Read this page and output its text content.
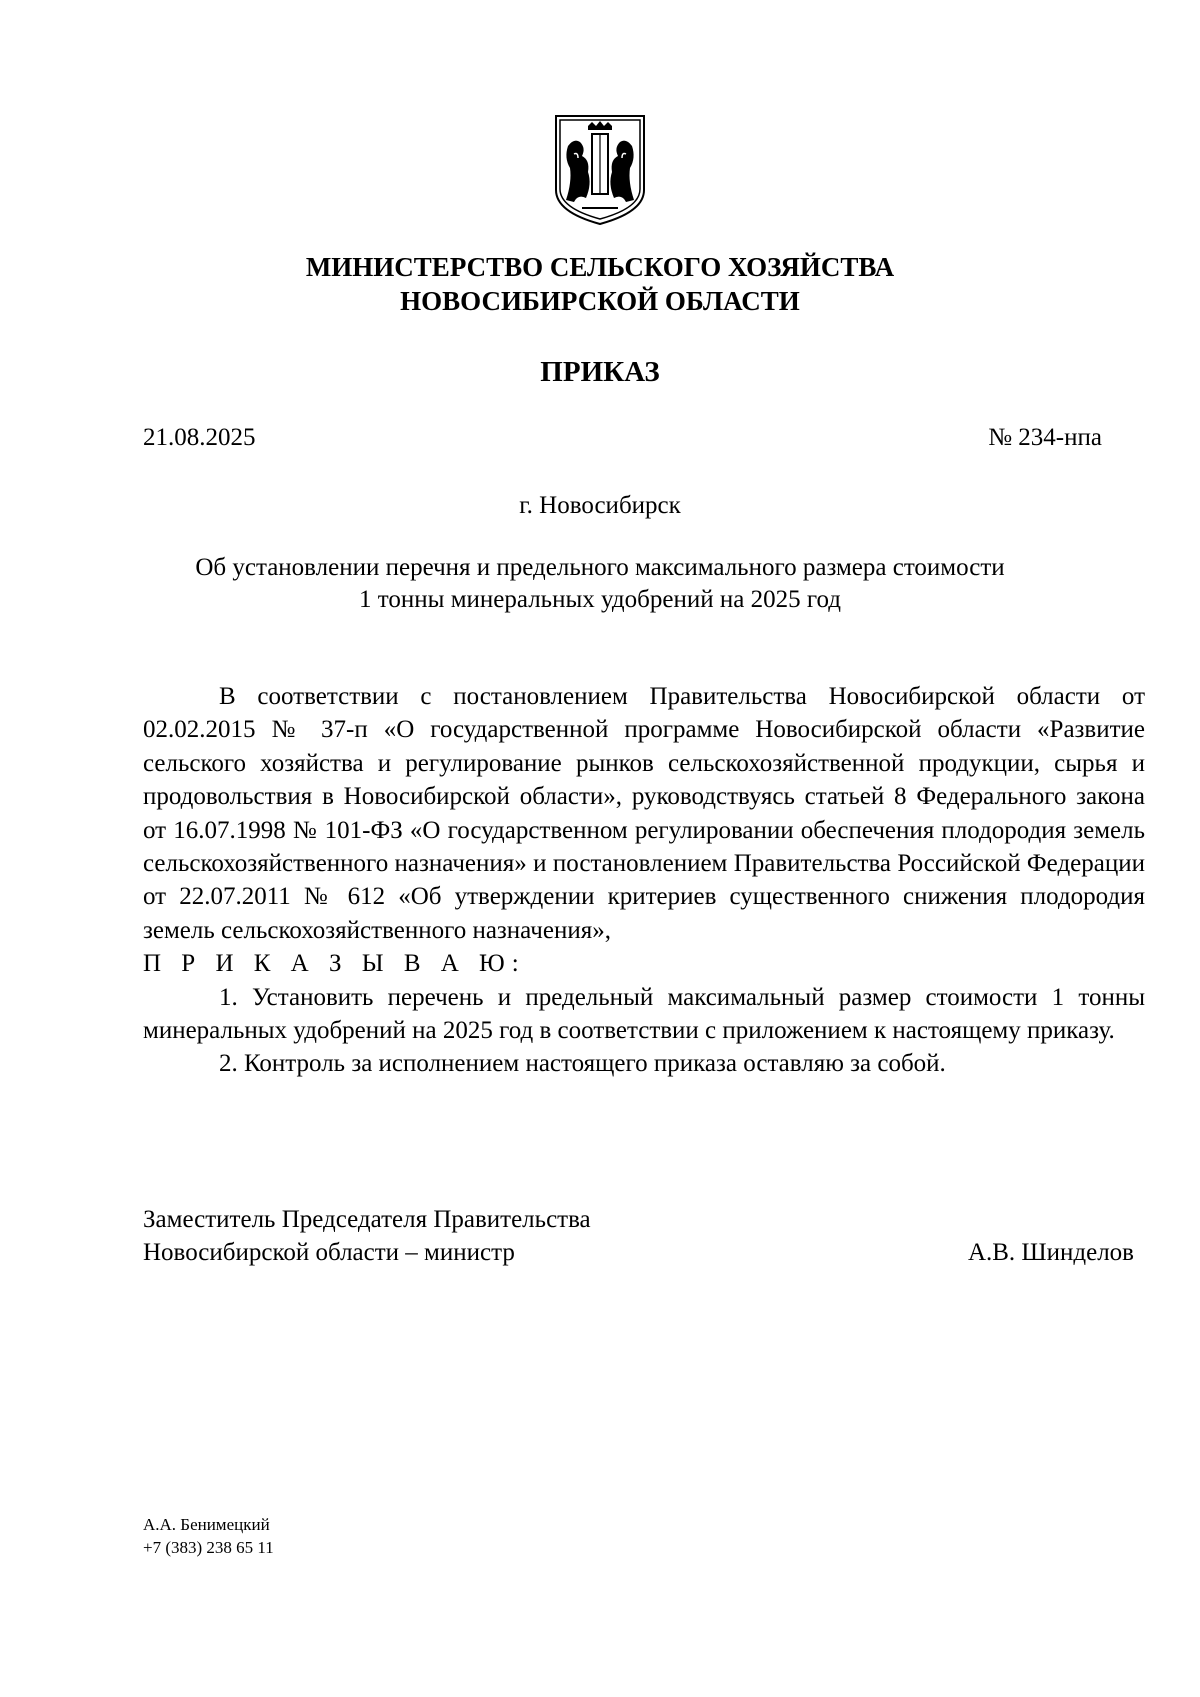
МИНИСТЕРСТВО СЕЛЬСКОГО ХОЗЯЙСТВА
НОВОСИБИРСКОЙ ОБЛАСТИ
ПРИКАЗ
21.08.2025	№ 234-нпа
г. Новосибирск
Об установлении перечня и предельного максимального размера стоимости
1 тонны минеральных удобрений на 2025 год

В соответствии с постановлением Правительства Новосибирской области от 02.02.2015 № 37-п «О государственной программе Новосибирской области «Развитие сельского хозяйства и регулирование рынков сельскохозяйственной продукции, сырья и продовольствия в Новосибирской области», руководствуясь статьей 8 Федерального закона от 16.07.1998 № 101-ФЗ «О государственном регулировании обеспечения плодородия земель сельскохозяйственного назначения» и постановлением Правительства Российской Федерации от 22.07.2011 № 612 «Об утверждении критериев существенного снижения плодородия земель сельскохозяйственного назначения»,

П Р И К А З Ы В А Ю:

1. Установить перечень и предельный максимальный размер стоимости 1 тонны минеральных удобрений на 2025 год в соответствии с приложением к настоящему приказу.

2. Контроль за исполнением настоящего приказа оставляю за собой.

Заместитель Председателя Правительства
Новосибирской области – министр	А.В. Шинделов
А.А. Бенимецкий
+7 (383) 238 65 11
